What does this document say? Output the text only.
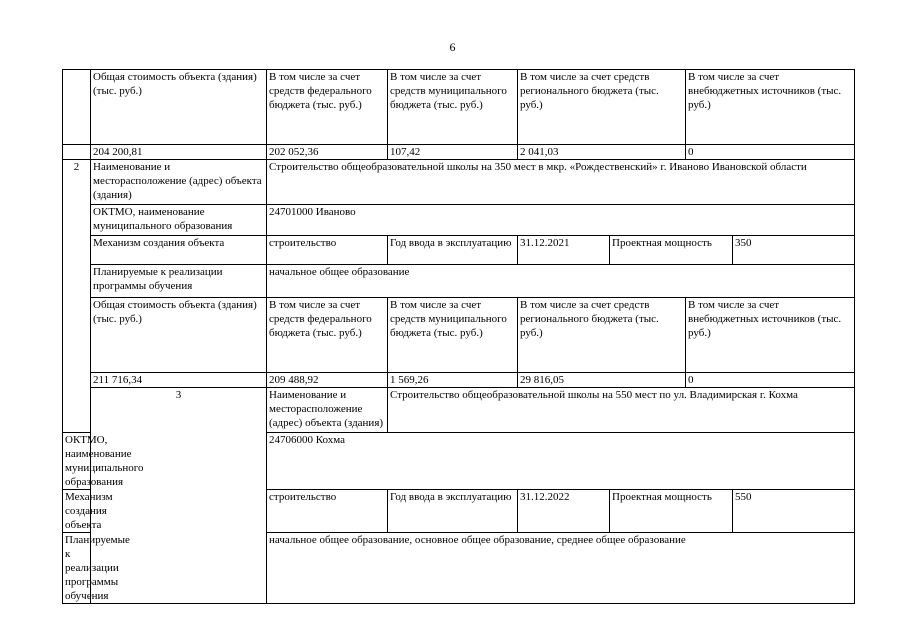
6
	Общая стоимость объекта (здания) (тыс. руб.)	В том числе за счет средств федерального бюджета (тыс. руб.)	В том числе за счет средств муниципального бюджета (тыс. руб.)	В том числе за счет средств регионального бюджета (тыс. руб.)		В том числе за счет внебюджетных источников (тыс. руб.)	
	204 200,81	202 052,36	107,42	2 041,03		0	
2	Наименование и месторасположение (адрес) объекта (здания)	Строительство общеобразовательной школы на 350 мест в мкр. «Рождественский» г. Иваново Ивановской области					
	ОКТМО, наименование муниципального образования	24701000 Иваново					
	Механизм создания объекта	строительство	Год ввода в эксплуатацию	31.12.2021	Проектная мощность		350
	Планируемые к реализации программы обучения	начальное общее образование					
	Общая стоимость объекта (здания) (тыс. руб.)	В том числе за счет средств федерального бюджета (тыс. руб.)	В том числе за счет средств муниципального бюджета (тыс. руб.)	В том числе за счет средств регионального бюджета (тыс. руб.)		В том числе за счет внебюджетных источников (тыс. руб.)	
	211 716,34	209 488,92	1 569,26	29 816,05		0	
	3	Наименование и месторасположение (адрес) объекта (здания)	Строительство общеобразовательной школы на 550 мест по ул. Владимирская г. Кохма				
ОКТМО, наименование муниципального образования		24706000 Кохма					
Механизм создания объекта		строительство	Год ввода в эксплуатацию	31.12.2022	Проектная мощность		550
Планируемые к реализации программы обучения		начальное общее образование, основное общее образование, среднее общее образование					
